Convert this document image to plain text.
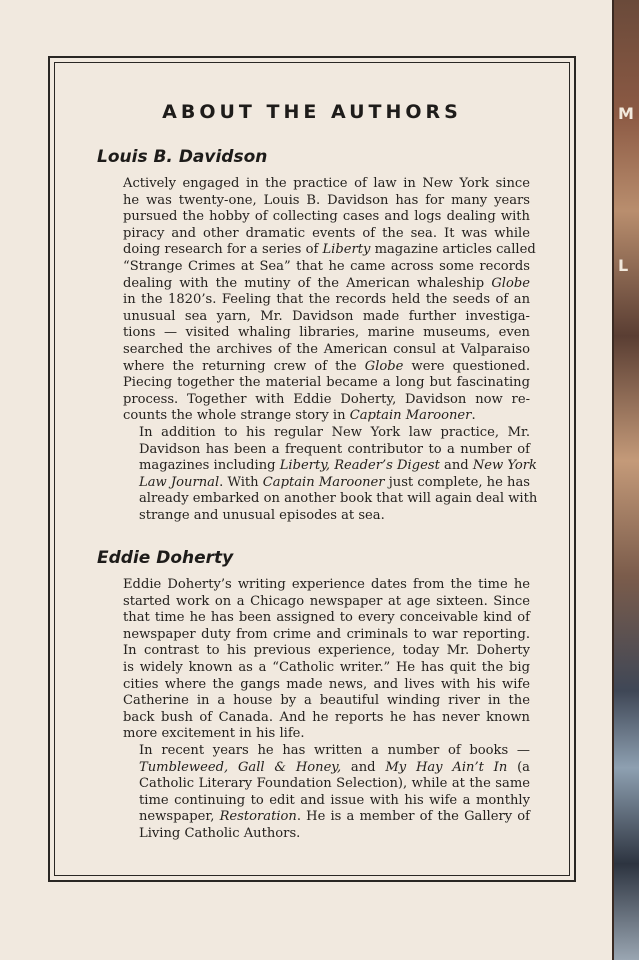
ABOUT THE AUTHORS
Louis B. Davidson

Actively engaged in the practice of law in New York since
he was twenty-one, Louis B. Davidson has for many years
pursued the hobby of collecting cases and logs dealing with
piracy and other dramatic events of the sea. It was while
doing research for a series of Liberty magazine articles called
“Strange Crimes at Sea” that he came across some records
dealing with the mutiny of the American whaleship Globe
in the 1820’s. Feeling that the records held the seeds of an
unusual sea yarn, Mr. Davidson made further investiga-
tions — visited whaling libraries, marine museums, even
searched the archives of the American consul at Valparaiso
where the returning crew of the Globe were questioned.
Piecing together the material became a long but fascinating
process. Together with Eddie Doherty, Davidson now re-
counts the whole strange story in Captain Marooner.

In addition to his regular New York law practice, Mr.
Davidson has been a frequent contributor to a number of
magazines including Liberty, Reader’s Digest and New York
Law Journal. With Captain Marooner just complete, he has
already embarked on another book that will again deal with
strange and unusual episodes at sea.

Eddie Doherty

Eddie Doherty’s writing experience dates from the time he
started work on a Chicago newspaper at age sixteen. Since
that time he has been assigned to every conceivable kind of
newspaper duty from crime and criminals to war reporting.
In contrast to his previous experience, today Mr. Doherty
is widely known as a “Catholic writer.” He has quit the big
cities where the gangs made news, and lives with his wife
Catherine in a house by a beautiful winding river in the
back bush of Canada. And he reports he has never known
more excitement in his life.

In recent years he has written a number of books —
Tumbleweed, Gall & Honey, and My Hay Ain’t In (a
Catholic Literary Foundation Selection), while at the same
time continuing to edit and issue with his wife a monthly
newspaper, Restoration. He is a member of the Gallery of
Living Catholic Authors.

M
L
